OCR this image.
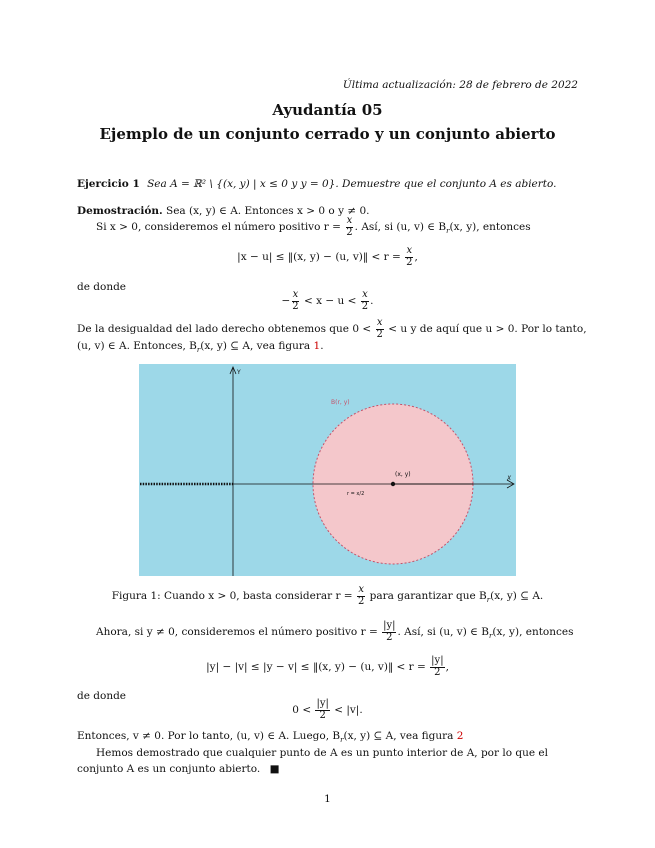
Última actualización: 28 de febrero de 2022
Ayudantía 05
Ejemplo de un conjunto cerrado y un conjunto abierto
Ejercicio 1 Sea A = ℝ² \ {(x, y) | x ≤ 0 y y = 0}. Demuestre que el conjunto A es abierto.
Demostración. Sea (x, y) ∈ A. Entonces x > 0 o y ≠ 0.
Si x > 0, consideremos el número positivo $r = \frac{x}{2}$ . Así, si (u, v) ∈ $B_r(x$, y), entonces
|x − u| ≤ ‖(x, y) − (u, v)‖ < $r = \frac{x}{2}$ ,
de donde
− $\frac{x}{2} < x - u < \frac{x}{2}$ .
De la desigualdad del lado derecho obtenemos que $0 < \frac{x}{2} < u$ y de aquí que u > 0. Por lo tanto,
(u, v) ∈ A. Entonces, $B_r(x$, y) ⊆ A, vea figura 1.
Y
X
B(r, y)
(x, y)
r = x/2
Figura 1: Cuando x > 0, basta considerar $r = \frac{x}{2}$ para garantizar que $B_r(x$, y) ⊆ A.
Ahora, si y ≠ 0, consideremos el número positivo $r = \frac{|y|}{2}$ . Así, si (u, v) ∈ $B_r(x$, y), entonces
|y| − |v| ≤ |y − v| ≤ ‖(x, y) − (u, v)‖ < $r = \frac{|y|}{2}$ ,
de donde
$0 < \frac{|y|}{2} < |v|$.
Entonces, v ≠ 0. Por lo tanto, (u, v) ∈ A. Luego, $B_r(x$, y) ⊆ A, vea figura 2
Hemos demostrado que cualquier punto de A es un punto interior de A, por lo que el conjunto A es un conjunto abierto. ■
1
